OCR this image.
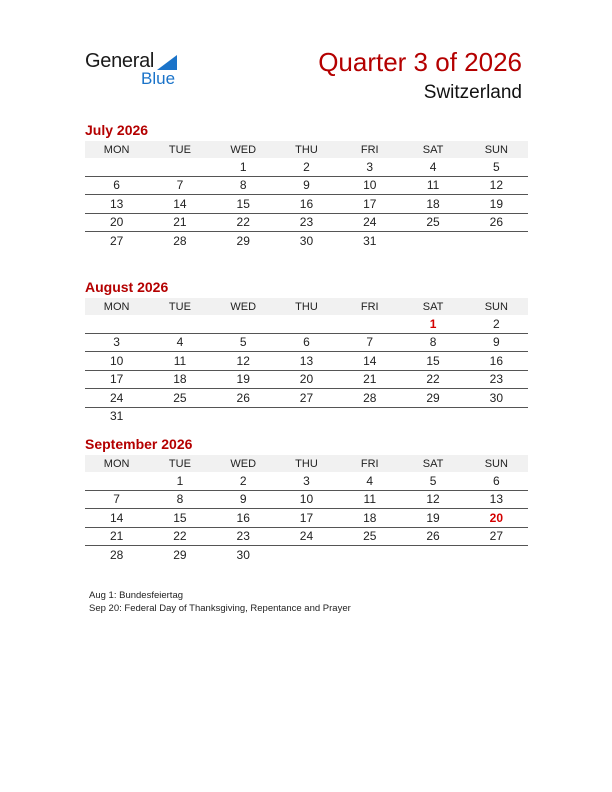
General
Blue
Quarter 3 of 2026
Switzerland
July 2026
MON	TUE	WED	THU	FRI	SAT	SUN
		1	2	3	4	5
6	7	8	9	10	11	12
13	14	15	16	17	18	19
20	21	22	23	24	25	26
27	28	29	30	31		
August 2026
MON	TUE	WED	THU	FRI	SAT	SUN
					1	2
3	4	5	6	7	8	9
10	11	12	13	14	15	16
17	18	19	20	21	22	23
24	25	26	27	28	29	30
31						
September 2026
MON	TUE	WED	THU	FRI	SAT	SUN
	1	2	3	4	5	6
7	8	9	10	11	12	13
14	15	16	17	18	19	20
21	22	23	24	25	26	27
28	29	30				
Aug 1: Bundesfeiertag
Sep 20: Federal Day of Thanksgiving, Repentance and Prayer
